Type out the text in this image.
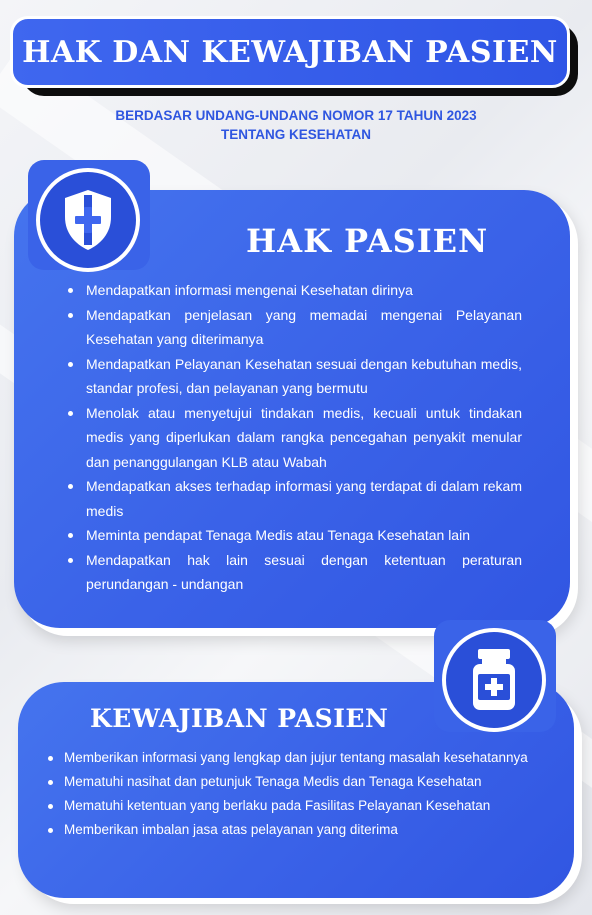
HAK DAN KEWAJIBAN PASIEN
BERDASAR UNDANG-UNDANG NOMOR 17 TAHUN 2023
TENTANG KESEHATAN
HAK PASIEN
Mendapatkan informasi mengenai Kesehatan dirinya
Mendapatkan penjelasan yang memadai mengenai Pelayanan Kesehatan yang diterimanya
Mendapatkan Pelayanan Kesehatan sesuai dengan kebutuhan medis, standar profesi, dan pelayanan yang bermutu
Menolak atau menyetujui tindakan medis, kecuali untuk tindakan medis yang diperlukan dalam rangka pencegahan penyakit menular dan penanggulangan KLB atau Wabah
Mendapatkan akses terhadap informasi yang terdapat di dalam rekam medis
Meminta pendapat Tenaga Medis atau Tenaga Kesehatan lain
Mendapatkan hak lain sesuai dengan ketentuan peraturan perundangan - undangan
KEWAJIBAN PASIEN
Memberikan informasi yang lengkap dan jujur tentang masalah kesehatannya
Mematuhi nasihat dan petunjuk Tenaga Medis dan Tenaga Kesehatan
Mematuhi ketentuan yang berlaku pada Fasilitas Pelayanan Kesehatan
Memberikan imbalan jasa atas pelayanan yang diterima
